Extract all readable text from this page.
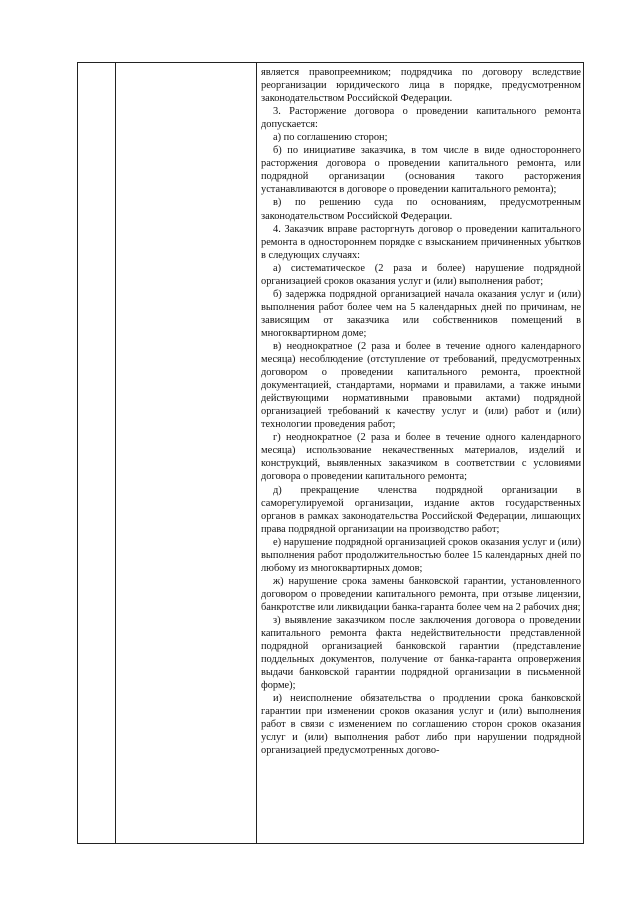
является правопреемником; подрядчика по договору вследствие реорганизации юридического лица в порядке, предусмотренном законодательством Российской Федерации.

3. Расторжение договора о проведении капитального ремонта допускается:

а) по соглашению сторон;

б) по инициативе заказчика, в том числе в виде одностороннего расторжения договора о проведении капитального ремонта, или подрядной организации (основания такого расторжения устанавливаются в договоре о проведении капитального ремонта);

в) по решению суда по основаниям, предусмотренным законодательством Российской Федерации.

4. Заказчик вправе расторгнуть договор о проведении капитального ремонта в одностороннем порядке с взысканием причиненных убытков в следующих случаях:

а) систематическое (2 раза и более) нарушение подрядной организацией сроков оказания услуг и (или) выполнения работ;

б) задержка подрядной организацией начала оказания услуг и (или) выполнения работ более чем на 5 календарных дней по причинам, не зависящим от заказчика или собственников помещений в многоквартирном доме;

в) неоднократное (2 раза и более в течение одного календарного месяца) несоблюдение (отступление от требований, предусмотренных договором о проведении капитального ремонта, проектной документацией, стандартами, нормами и правилами, а также иными действующими нормативными правовыми актами) подрядной организацией требований к качеству услуг и (или) работ и (или) технологии проведения работ;

г) неоднократное (2 раза и более в течение одного календарного месяца) использование некачественных материалов, изделий и конструкций, выявленных заказчиком в соответствии с условиями договора о проведении капитального ремонта;

д) прекращение членства подрядной организации в саморегулируемой организации, издание актов государственных органов в рамках законодательства Российской Федерации, лишающих права подрядной организации на производство работ;

е) нарушение подрядной организацией сроков оказания услуг и (или) выполнения работ продолжительностью более 15 календарных дней по любому из многоквартирных домов;

ж) нарушение срока замены банковской гарантии, установленного договором о проведении капитального ремонта, при отзыве лицензии, банкротстве или ликвидации банка-гаранта более чем на 2 рабочих дня;

з) выявление заказчиком после заключения договора о проведении капитального ремонта факта недействительности представленной подрядной организацией банковской гарантии (представление поддельных документов, получение от банка-гаранта опровержения выдачи банковской гарантии подрядной организации в письменной форме);

и) неисполнение обязательства о продлении срока банковской гарантии при изменении сроков оказания услуг и (или) выполнения работ в связи с изменением по соглашению сторон сроков оказания услуг и (или) выполнения работ либо при нарушении подрядной организацией предусмотренных догово-
